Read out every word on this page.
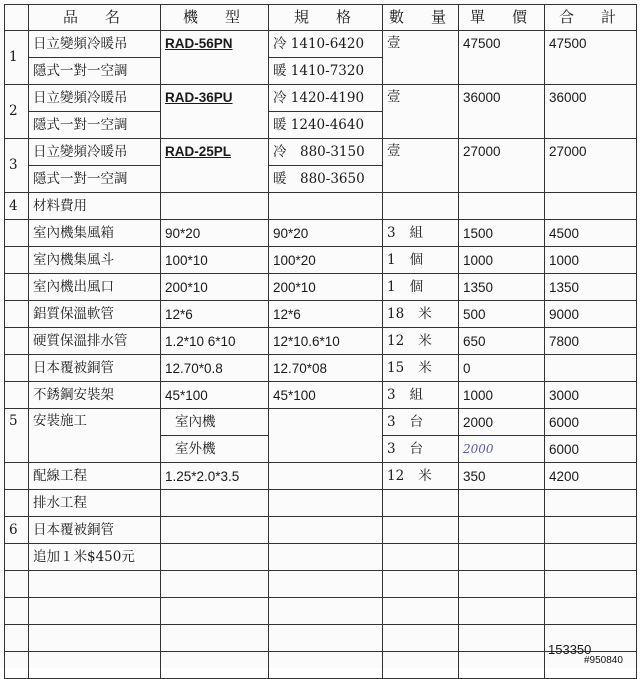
	品　名	機　型	規　格	數　量	單　價	合　計
1	日立變頻冷暖吊	RAD-56PN	冷 1410-6420	壹	47500	47500
	隱式一對一空調		暖 1410-7320			
2	日立變頻冷暖吊	RAD-36PU	冷 1420-4190	壹	36000	36000
	隱式一對一空調		暖 1240-4640			
3	日立變頻冷暖吊	RAD-25PL	冷　880-3150	壹	27000	27000
	隱式一對一空調		暖　880-3650			
4	材料費用					
	室內機集風箱	90*20	90*20	3 組	1500	4500
	室內機集風斗	100*10	100*20	1 個	1000	1000
	室內機出風口	200*10	200*10	1 個	1350	1350
	鋁質保溫軟管	12*6	12*6	18 米	500	9000
	硬質保溫排水管	1.2*10 6*10	12*10.6*10	12 米	650	7800
	日本覆被銅管	12.70*0.8	12.70*08	15 米	0	
	不銹鋼安裝架	45*100	45*100	3 組	1000	3000
5	安裝施工	室內機		3 台	2000	6000
		室外機		3 台	2000	6000
	配線工程	1.25*2.0*3.5		12 米	350	4200
	排水工程					
6	日本覆被銅管					
	追加１米$450元					

153350
#950840
